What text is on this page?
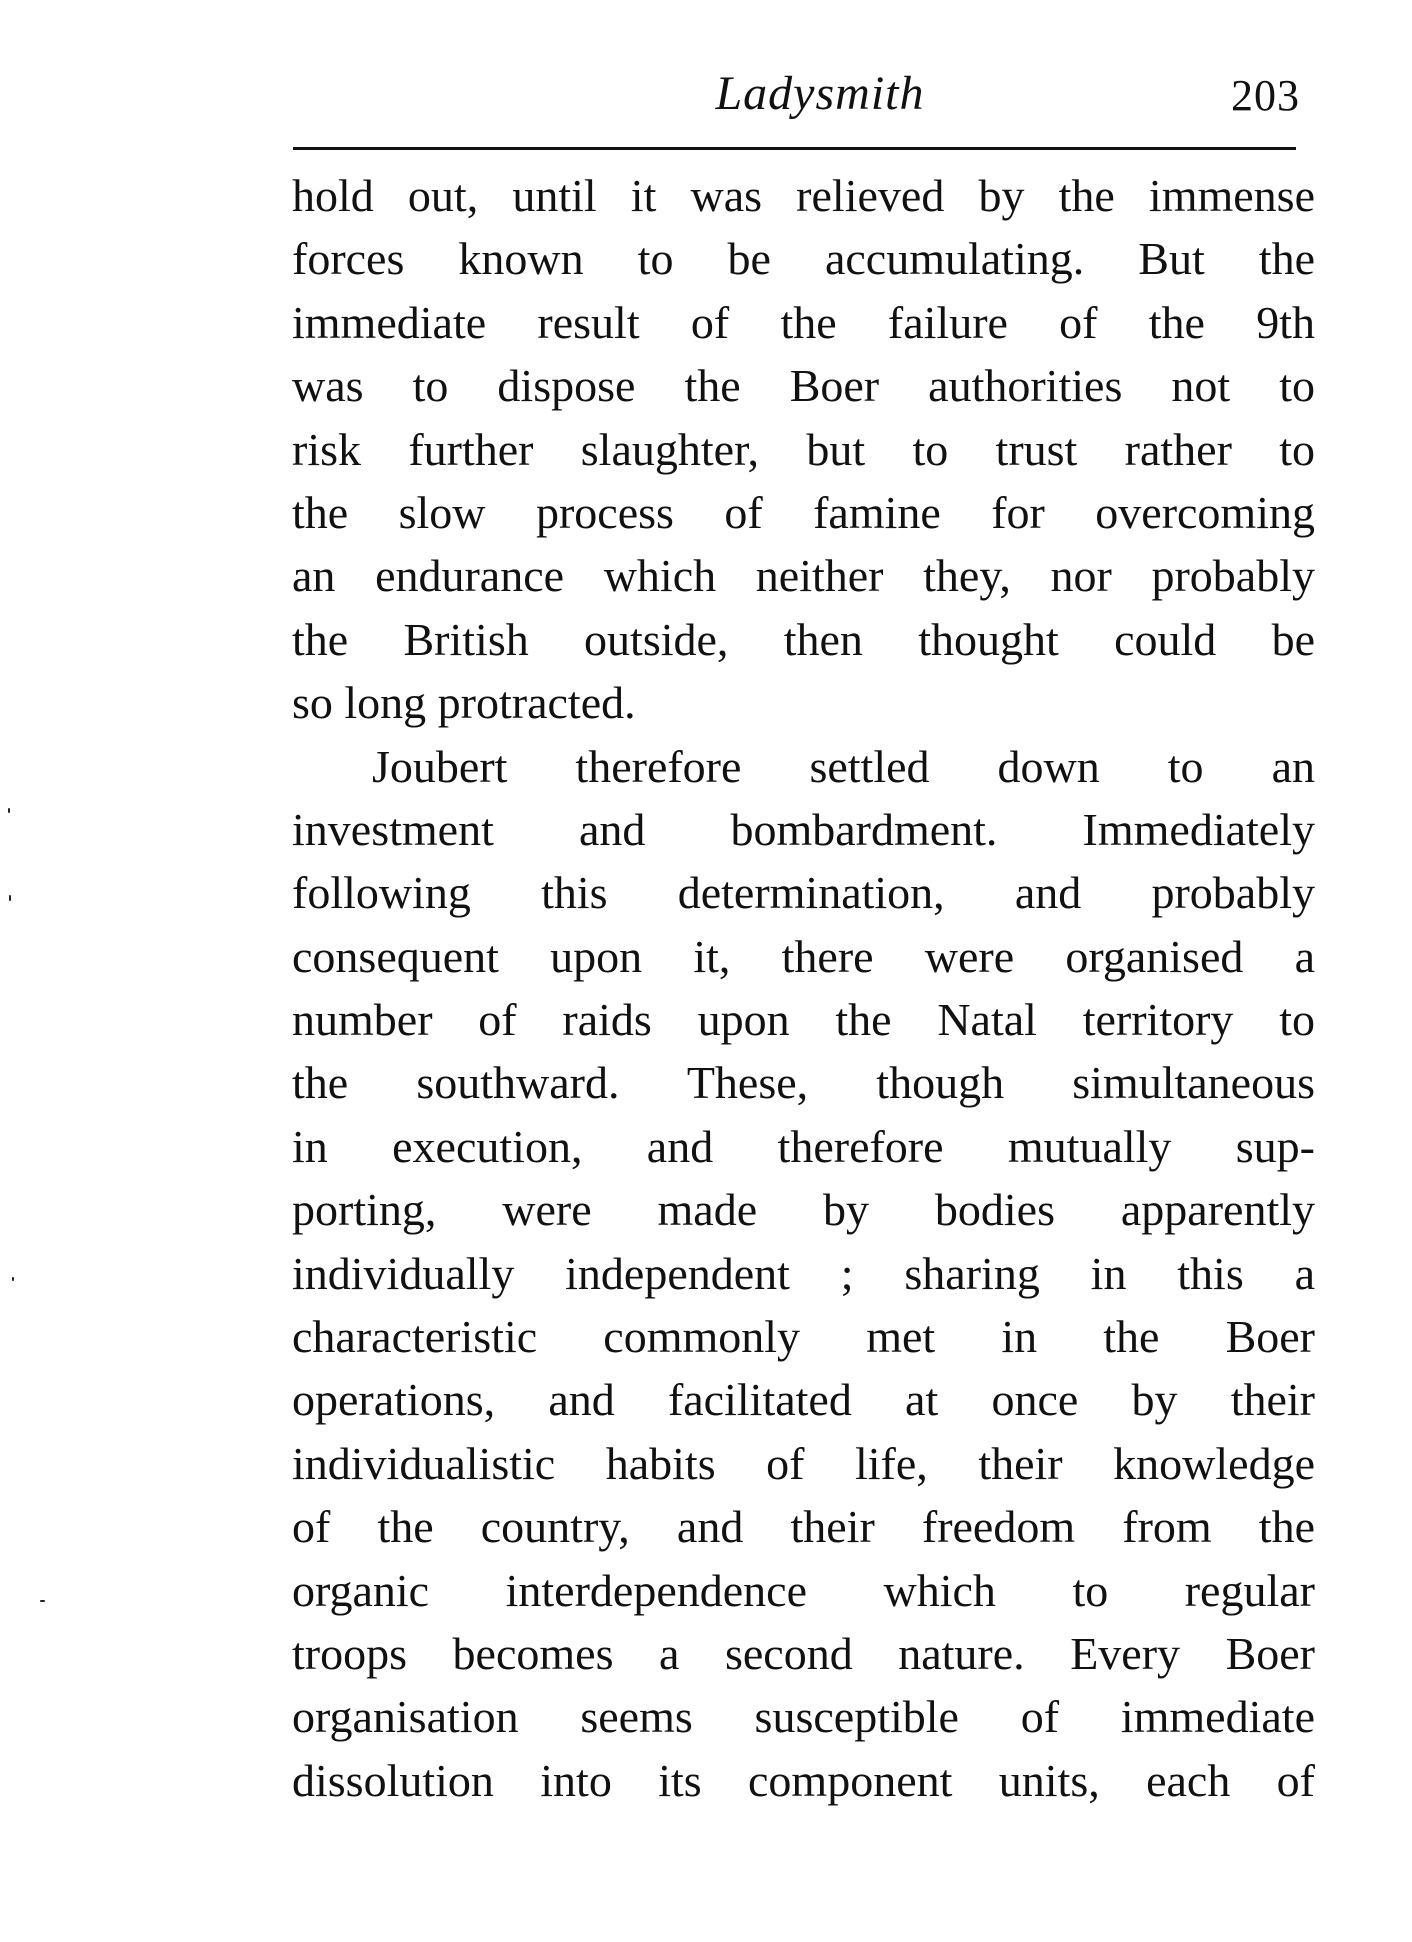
Ladysmith	203
hold out, until it was relieved by the immense
forces known to be accumulating. But the
immediate result of the failure of the 9th
was to dispose the Boer authorities not to
risk further slaughter, but to trust rather to
the slow process of famine for overcoming
an endurance which neither they, nor probably
the British outside, then thought could be
so long protracted.
Joubert therefore settled down to an
investment and bombardment. Immediately
following this determination, and probably
consequent upon it, there were organised a
number of raids upon the Natal territory to
the southward. These, though simultaneous
in execution, and therefore mutually sup-
porting, were made by bodies apparently
individually independent ; sharing in this a
characteristic commonly met in the Boer
operations, and facilitated at once by their
individualistic habits of life, their knowledge
of the country, and their freedom from the
organic interdependence which to regular
troops becomes a second nature. Every Boer
organisation seems susceptible of immediate
dissolution into its component units, each of
